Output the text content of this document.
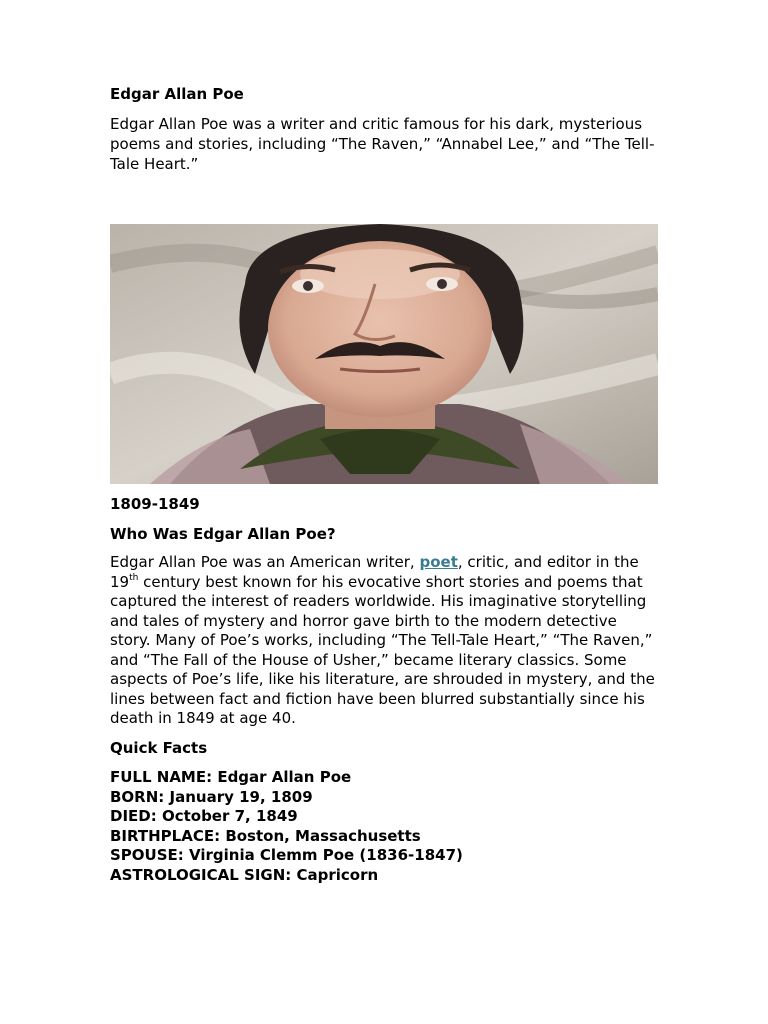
Edgar Allan Poe
Edgar Allan Poe was a writer and critic famous for his dark, mysterious poems and stories, including “The Raven,” “Annabel Lee,” and “The Tell-Tale Heart.”
1809-1849
Who Was Edgar Allan Poe?
Edgar Allan Poe was an American writer, poet, critic, and editor in the 19th century best known for his evocative short stories and poems that captured the interest of readers worldwide. His imaginative storytelling and tales of mystery and horror gave birth to the modern detective story. Many of Poe’s works, including “The Tell-Tale Heart,” “The Raven,” and “The Fall of the House of Usher,” became literary classics. Some aspects of Poe’s life, like his literature, are shrouded in mystery, and the lines between fact and fiction have been blurred substantially since his death in 1849 at age 40.
Quick Facts
FULL NAME: Edgar Allan Poe
BORN: January 19, 1809
DIED: October 7, 1849
BIRTHPLACE: Boston, Massachusetts
SPOUSE: Virginia Clemm Poe (1836-1847)
ASTROLOGICAL SIGN: Capricorn
